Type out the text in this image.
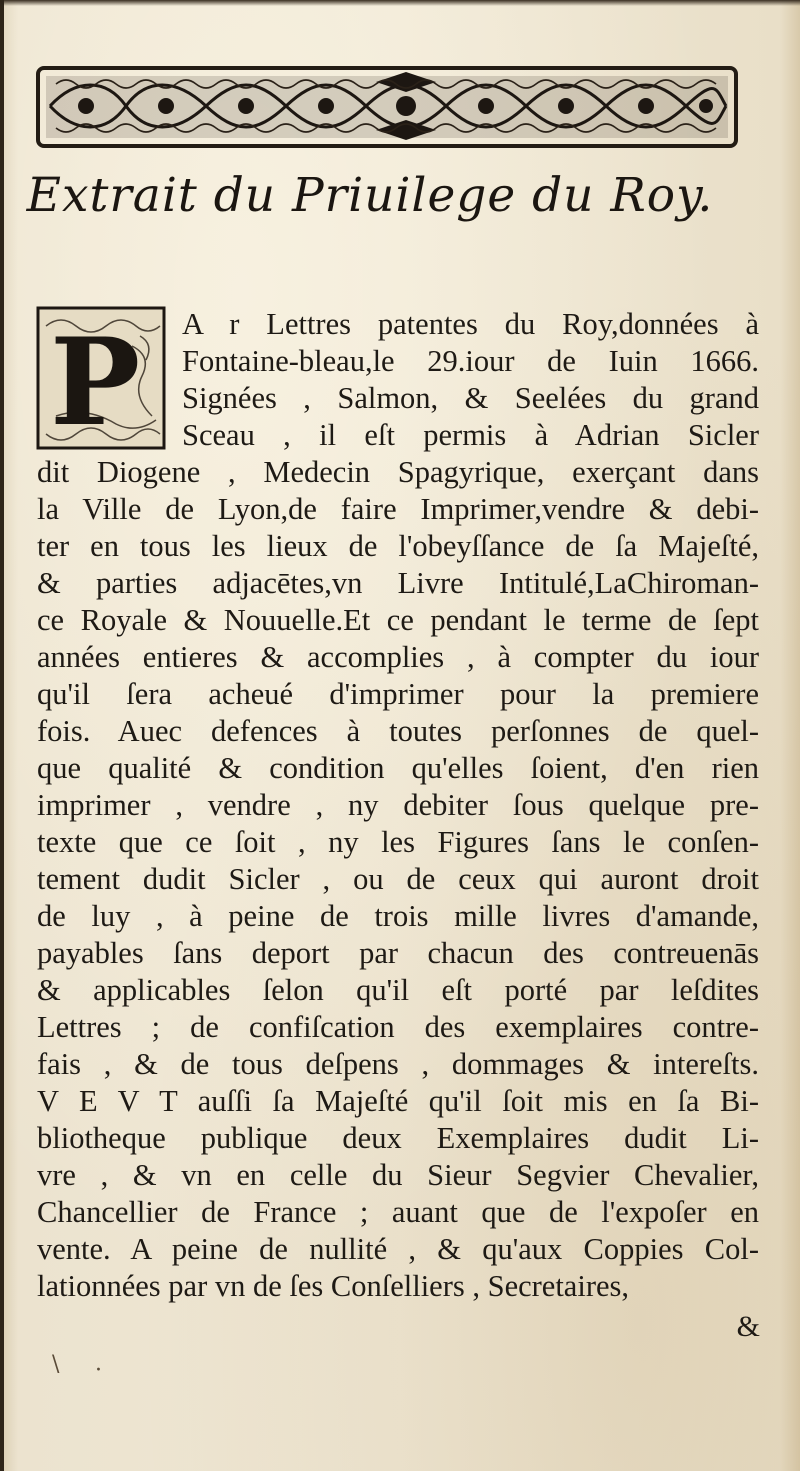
Extrait du Priuilege du Roy.
P	A r Lettres patentes du Roy,données à
Fontaine-bleau,le 29.iour de Iuin 1666.
Signées , Salmon, & Seelées du grand
Sceau , il eſt permis à Adrian Sicler
dit Diogene , Medecin Spagyrique, exerçant dans
la Ville de Lyon,de faire Imprimer,vendre & debi-
ter en tous les lieux de l'obeyſſance de ſa Majeſté,
& parties adjacētes,vn Livre Intitulé,LaChiroman-
ce Royale & Nouuelle.Et ce pendant le terme de ſept
années entieres & accomplies , à compter du iour
qu'il ſera acheué d'imprimer pour la premiere
fois. Auec defences à toutes perſonnes de quel-
que qualité & condition qu'elles ſoient, d'en rien
imprimer , vendre , ny debiter ſous quelque pre-
texte que ce ſoit , ny les Figures ſans le conſen-
tement dudit Sicler , ou de ceux qui auront droit
de luy , à peine de trois mille livres d'amande,
payables ſans deport par chacun des contreuenās
& applicables ſelon qu'il eſt porté par leſdites
Lettres ; de confiſcation des exemplaires contre-
fais , & de tous deſpens , dommages & intereſts.
V E V T auſſi ſa Majeſté qu'il ſoit mis en ſa Bi-
bliotheque publique deux Exemplaires dudit Li-
vre , & vn en celle du Sieur Segvier Chevalier,
Chancellier de France ; auant que de l'expoſer en
vente. A peine de nullité , & qu'aux Coppies Col-
lationnées par vn de ſes Conſelliers , Secretaires,
&
\ ·
